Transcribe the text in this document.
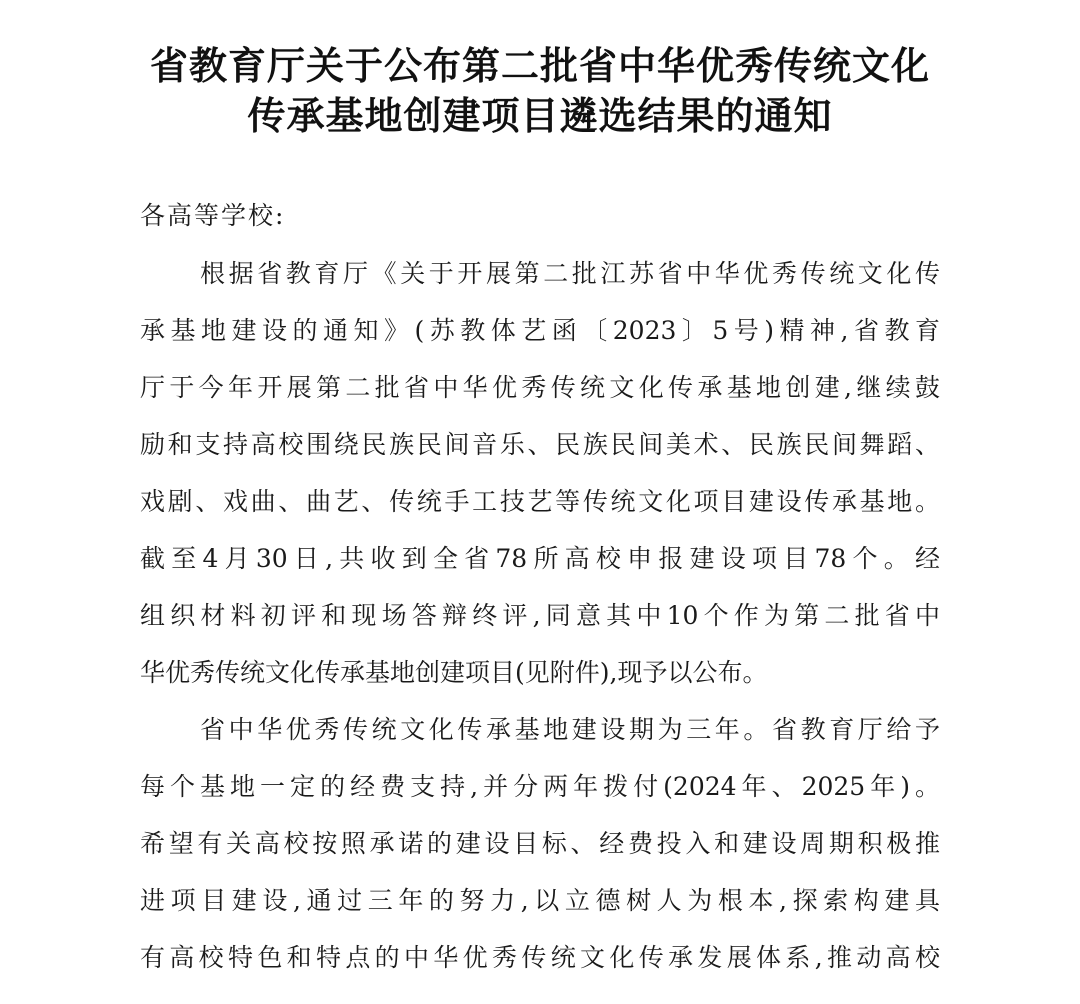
省教育厅关于公布第二批省中华优秀传统文化
传承基地创建项目遴选结果的通知
各高等学校:
根据省教育厅《关于开展第二批江苏省中华优秀传统文化传
承基地建设的通知》(苏教体艺函〔2023〕5号)精神,省教育
厅于今年开展第二批省中华优秀传统文化传承基地创建,继续鼓
励和支持高校围绕民族民间音乐、民族民间美术、民族民间舞蹈、
戏剧、戏曲、曲艺、传统手工技艺等传统文化项目建设传承基地。
截至4月30日,共收到全省78所高校申报建设项目78个。经
组织材料初评和现场答辩终评,同意其中10个作为第二批省中
华优秀传统文化传承基地创建项目(见附件),现予以公布。
省中华优秀传统文化传承基地建设期为三年。省教育厅给予
每个基地一定的经费支持,并分两年拨付(2024年、2025年)。
希望有关高校按照承诺的建设目标、经费投入和建设周期积极推
进项目建设,通过三年的努力,以立德树人为根本,探索构建具
有高校特色和特点的中华优秀传统文化传承发展体系,推动高校
